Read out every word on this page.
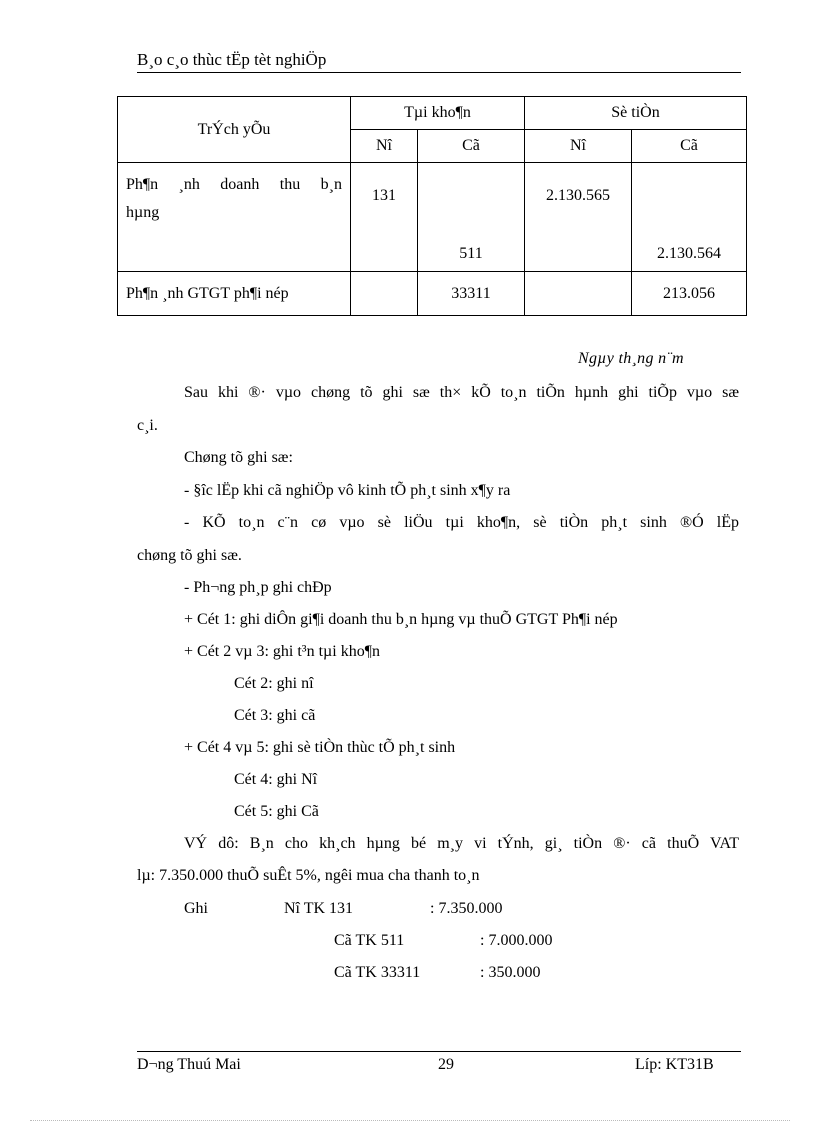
B¸o c¸o thùc tËp tèt nghiÖp
TrÝch yÕu	Tµi kho¶n		Sè tiÒn	
	Nî	Cã	Nî	Cã

Ph¶n ¸nh doanh thu b¸n
hµng	131	511	2.130.565	2.130.564
Ph¶n ¸nh GTGT ph¶i nép		33311		213.056
Ngµy th¸ng n¨m
Sau khi ®· vµo chøng tõ ghi sæ th× kÕ to¸n tiÕn hµnh ghi tiÕp vµo sæ
c¸i.
Chøng tõ ghi sæ:
- §îc lËp khi cã nghiÖp vô kinh tÕ ph¸t sinh x¶y ra
- KÕ to¸n c¨n cø vµo sè liÖu tµi kho¶n, sè tiÒn ph¸t sinh ®Ó lËp
chøng tõ ghi sæ.
- Ph¬ng ph¸p ghi chÐp
+ Cét 1: ghi diÔn gi¶i doanh thu b¸n hµng vµ thuÕ GTGT Ph¶i nép
+ Cét 2 vµ 3: ghi t³n tµi kho¶n
Cét 2: ghi nî
Cét 3: ghi cã
+ Cét 4 vµ 5: ghi sè tiÒn thùc tÕ ph¸t sinh
Cét 4: ghi Nî
Cét 5: ghi Cã
VÝ dô: B¸n cho kh¸ch hµng bé m¸y vi tÝnh, gi¸ tiÒn ®· cã thuÕ VAT
lµ: 7.350.000 thuÕ suÊt 5%, ngêi mua cha thanh to¸n
Ghi	Nî TK 131	: 7.350.000
Cã TK 511	: 7.000.000
Cã TK 33311	: 350.000
D¬ng Thuú Mai	29	Líp: KT31B
